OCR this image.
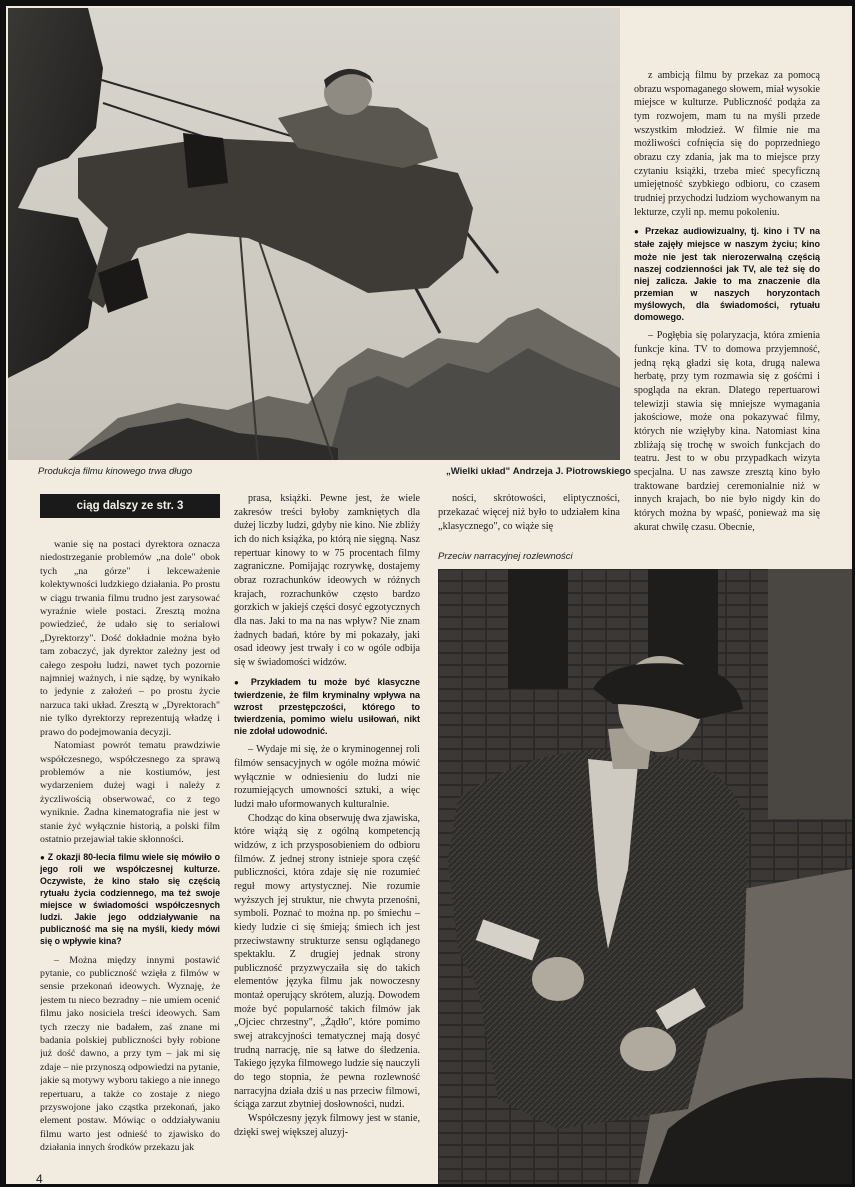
Produkcja filmu kinowego trwa długo	„Wielki układ" Andrzeja J. Piotrowskiego
Przeciw narracyjnej rozlewności
ciąg dalszy ze str. 3

z ambicją filmu by przekaz za pomocą obrazu wspomaganego słowem, miał wysokie miejsce w kulturze. Publiczność podąża za tym rozwojem, mam tu na myśli przede wszystkim młodzież. W filmie nie ma możliwości cofnięcia się do poprzedniego obrazu czy zdania, jak ma to miejsce przy czytaniu książki, trzeba mieć specyficzną umiejętność szybkiego odbioru, co czasem trudniej przychodzi ludziom wychowanym na lekturze, czyli np. memu pokoleniu.

● Przekaz audiowizualny, tj. kino i TV na stałe zajęły miejsce w naszym życiu; kino może nie jest tak nierozerwalną częścią naszej codzienności jak TV, ale też się do niej zalicza. Jakie to ma znaczenie dla przemian w naszych horyzontach myślowych, dla świadomości, rytuału domowego.

– Pogłębia się polaryzacja, która zmienia funkcje kina. TV to domowa przyjemność, jedną ręką gładzi się kota, drugą nalewa herbatę, przy tym rozmawia się z gośćmi i spogląda na ekran. Dlatego repertuarowi telewizji stawia się mniejsze wymagania jakościowe, może ona pokazywać filmy, których nie wzięłyby kina. Natomiast kina zbliżają się trochę w swoich funkcjach do teatru. Jest to w obu przypadkach wizyta specjalna. U nas zawsze zresztą kino było traktowane bardziej ceremonialnie niż w innych krajach, bo nie było nigdy kin do których można by wpaść, ponieważ ma się akurat chwilę czasu. Obecnie,

wanie się na postaci dyrektora oznacza niedostrzeganie problemów „na dole" obok tych „na górze" i lekceważenie kolektywności ludzkiego działania. Po prostu w ciągu trwania filmu trudno jest zarysować wyraźnie wiele postaci. Zresztą można powiedzieć, że udało się to serialowi „Dyrektorzy". Dość dokładnie można było tam zobaczyć, jak dyrektor zależny jest od całego zespołu ludzi, nawet tych pozornie najmniej ważnych, i nie sądzę, by wynikało to jedynie z założeń – po prostu życie narzuca taki układ. Zresztą w „Dyrektorach" nie tylko dyrektorzy reprezentują władzę i prawo do podejmowania decyzji.

Natomiast powrót tematu prawdziwie współczesnego, współczesnego za sprawą problemów a nie kostiumów, jest wydarzeniem dużej wagi i należy z życzliwością obserwować, co z tego wyniknie. Żadna kinematografia nie jest w stanie żyć wyłącznie historią, a polski film ostatnio przejawiał takie skłonności.

● Z okazji 80-lecia filmu wiele się mówiło o jego roli we współczesnej kulturze. Oczywiste, że kino stało się częścią rytuału życia codziennego, ma też swoje miejsce w świadomości współczesnych ludzi. Jakie jego oddziaływanie na publiczność ma się na myśli, kiedy mówi się o wpływie kina?

– Można między innymi postawić pytanie, co publiczność wzięła z filmów w sensie przekonań ideowych. Wyznaję, że jestem tu nieco bezradny – nie umiem ocenić filmu jako nosiciela treści ideowych. Sam tych rzeczy nie badałem, zaś znane mi badania polskiej publiczności były robione już dość dawno, a przy tym – jak mi się zdaje – nie przynoszą odpowiedzi na pytanie, jakie są motywy wyboru takiego a nie innego repertuaru, a także co zostaje z niego przyswojone jako cząstka przekonań, jako element postaw. Mówiąc o oddziaływaniu filmu warto jest odnieść to zjawisko do działania innych środków przekazu jak

prasa, książki. Pewne jest, że wiele zakresów treści byłoby zamkniętych dla dużej liczby ludzi, gdyby nie kino. Nie zbliży ich do nich książka, po którą nie sięgną. Nasz repertuar kinowy to w 75 procentach filmy zagraniczne. Pomijając rozrywkę, dostajemy obraz rozrachunków ideowych w różnych krajach, rozrachunków często bardzo gorzkich w jakiejś części dosyć egzotycznych dla nas. Jaki to ma na nas wpływ? Nie znam żadnych badań, które by mi pokazały, jaki osad ideowy jest trwały i co w ogóle odbija się w świadomości widzów.

● Przykładem tu może być klasyczne twierdzenie, że film kryminalny wpływa na wzrost przestępczości, którego to twierdzenia, pomimo wielu usiłowań, nikt nie zdołał udowodnić.

– Wydaje mi się, że o kryminogennej roli filmów sensacyjnych w ogóle można mówić wyłącznie w odniesieniu do ludzi nie rozumiejących umowności sztuki, a więc ludzi mało uformowanych kulturalnie.

Chodząc do kina obserwuję dwa zjawiska, które wiążą się z ogólną kompetencją widzów, z ich przysposobieniem do odbioru filmów. Z jednej strony istnieje spora część publiczności, która zdaje się nie rozumieć reguł mowy artystycznej. Nie rozumie wyższych jej struktur, nie chwyta przenośni, symboli. Poznać to można np. po śmiechu – kiedy ludzie ci się śmieją; śmiech ich jest przeciwstawny strukturze sensu oglądanego spektaklu. Z drugiej jednak strony publiczność przyzwyczaiła się do takich elementów języka filmu jak nowoczesny montaż operujący skrótem, aluzją. Dowodem może być popularność takich filmów jak „Ojciec chrzestny", „Żądło", które pomimo swej atrakcyjności tematycznej mają dosyć trudną narrację, nie są łatwe do śledzenia. Takiego języka filmowego ludzie się nauczyli do tego stopnia, że pewna rozlewność narracyjna działa dziś u nas przeciw filmowi, ściąga zarzut zbytniej dosłowności, nudzi.

Współczesny język filmowy jest w stanie, dzięki swej większej aluzyj-

ności, skrótowości, eliptyczności, przekazać więcej niż było to udziałem kina „klasycznego", co wiąże się

4
